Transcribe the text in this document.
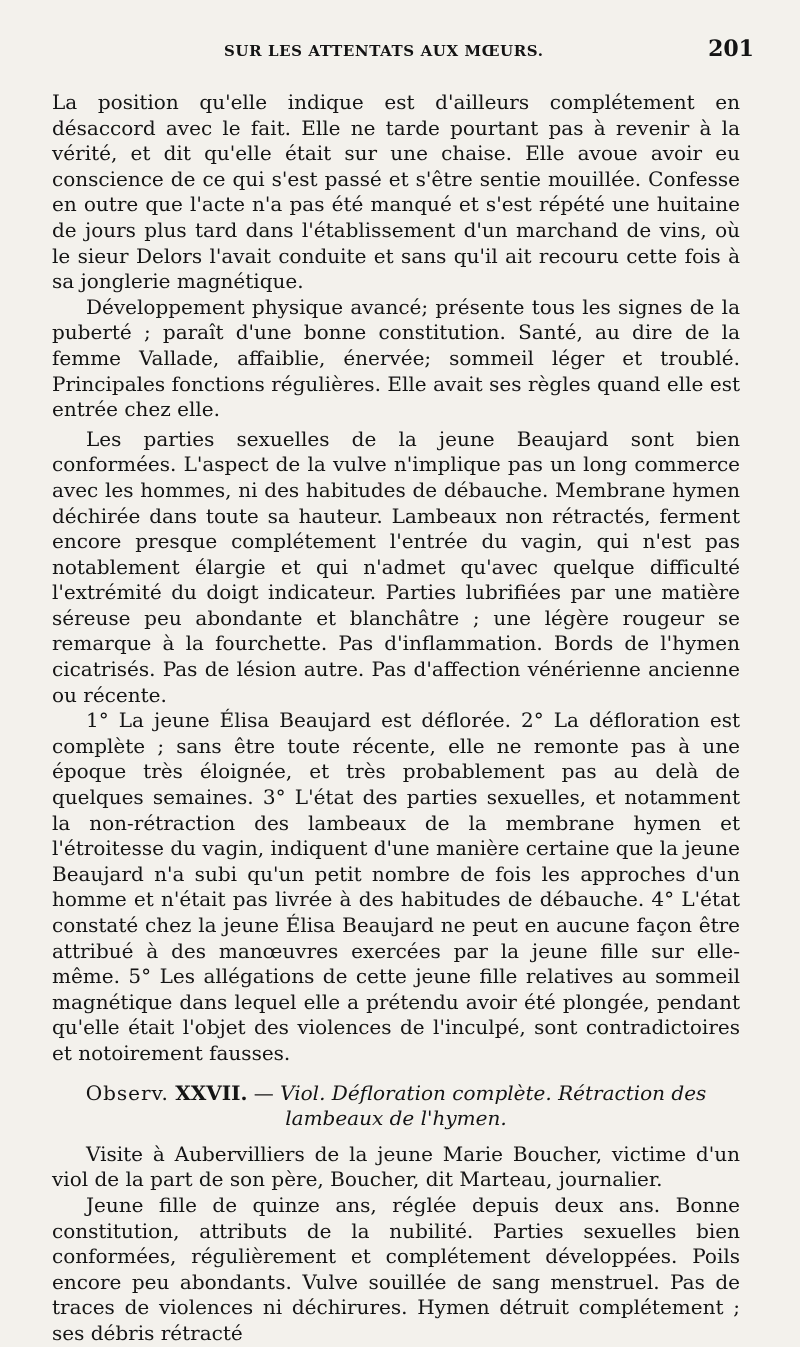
SUR LES ATTENTATS AUX MŒURS.	201

La position qu'elle indique est d'ailleurs complétement en désaccord avec le fait. Elle ne tarde pourtant pas à revenir à la vérité, et dit qu'elle était sur une chaise. Elle avoue avoir eu conscience de ce qui s'est passé et s'être sentie mouillée. Confesse en outre que l'acte n'a pas été manqué et s'est répété une huitaine de jours plus tard dans l'établissement d'un marchand de vins, où le sieur Delors l'avait conduite et sans qu'il ait recouru cette fois à sa jonglerie magnétique.

Développement physique avancé; présente tous les signes de la puberté ; paraît d'une bonne constitution. Santé, au dire de la femme Vallade, affaiblie, énervée; sommeil léger et troublé. Principales fonctions régulières. Elle avait ses règles quand elle est entrée chez elle.

Les parties sexuelles de la jeune Beaujard sont bien conformées. L'aspect de la vulve n'implique pas un long commerce avec les hommes, ni des habitudes de débauche. Membrane hymen déchirée dans toute sa hauteur. Lambeaux non rétractés, ferment encore presque complétement l'entrée du vagin, qui n'est pas notablement élargie et qui n'admet qu'avec quelque difficulté l'extrémité du doigt indicateur. Parties lubrifiées par une matière séreuse peu abondante et blanchâtre ; une légère rougeur se remarque à la fourchette. Pas d'inflammation. Bords de l'hymen cicatrisés. Pas de lésion autre. Pas d'affection vénérienne ancienne ou récente.

1° La jeune Élisa Beaujard est déflorée. 2° La défloration est complète ; sans être toute récente, elle ne remonte pas à une époque très éloignée, et très probablement pas au delà de quelques semaines. 3° L'état des parties sexuelles, et notamment la non-rétraction des lambeaux de la membrane hymen et l'étroitesse du vagin, indiquent d'une manière certaine que la jeune Beaujard n'a subi qu'un petit nombre de fois les approches d'un homme et n'était pas livrée à des habitudes de débauche. 4° L'état constaté chez la jeune Élisa Beaujard ne peut en aucune façon être attribué à des manœuvres exercées par la jeune fille sur elle-même. 5° Les allégations de cette jeune fille relatives au sommeil magnétique dans lequel elle a prétendu avoir été plongée, pendant qu'elle était l'objet des violences de l'inculpé, sont contradictoires et notoirement fausses.

Observ. XXVII. — Viol. Défloration complète. Rétraction des
lambeaux de l'hymen.

Visite à Aubervilliers de la jeune Marie Boucher, victime d'un viol de la part de son père, Boucher, dit Marteau, journalier.

Jeune fille de quinze ans, réglée depuis deux ans. Bonne constitution, attributs de la nubilité. Parties sexuelles bien conformées, régulièrement et complétement développées. Poils encore peu abondants. Vulve souillée de sang menstruel. Pas de traces de violences ni déchirures. Hymen détruit complétement ; ses débris rétracté
